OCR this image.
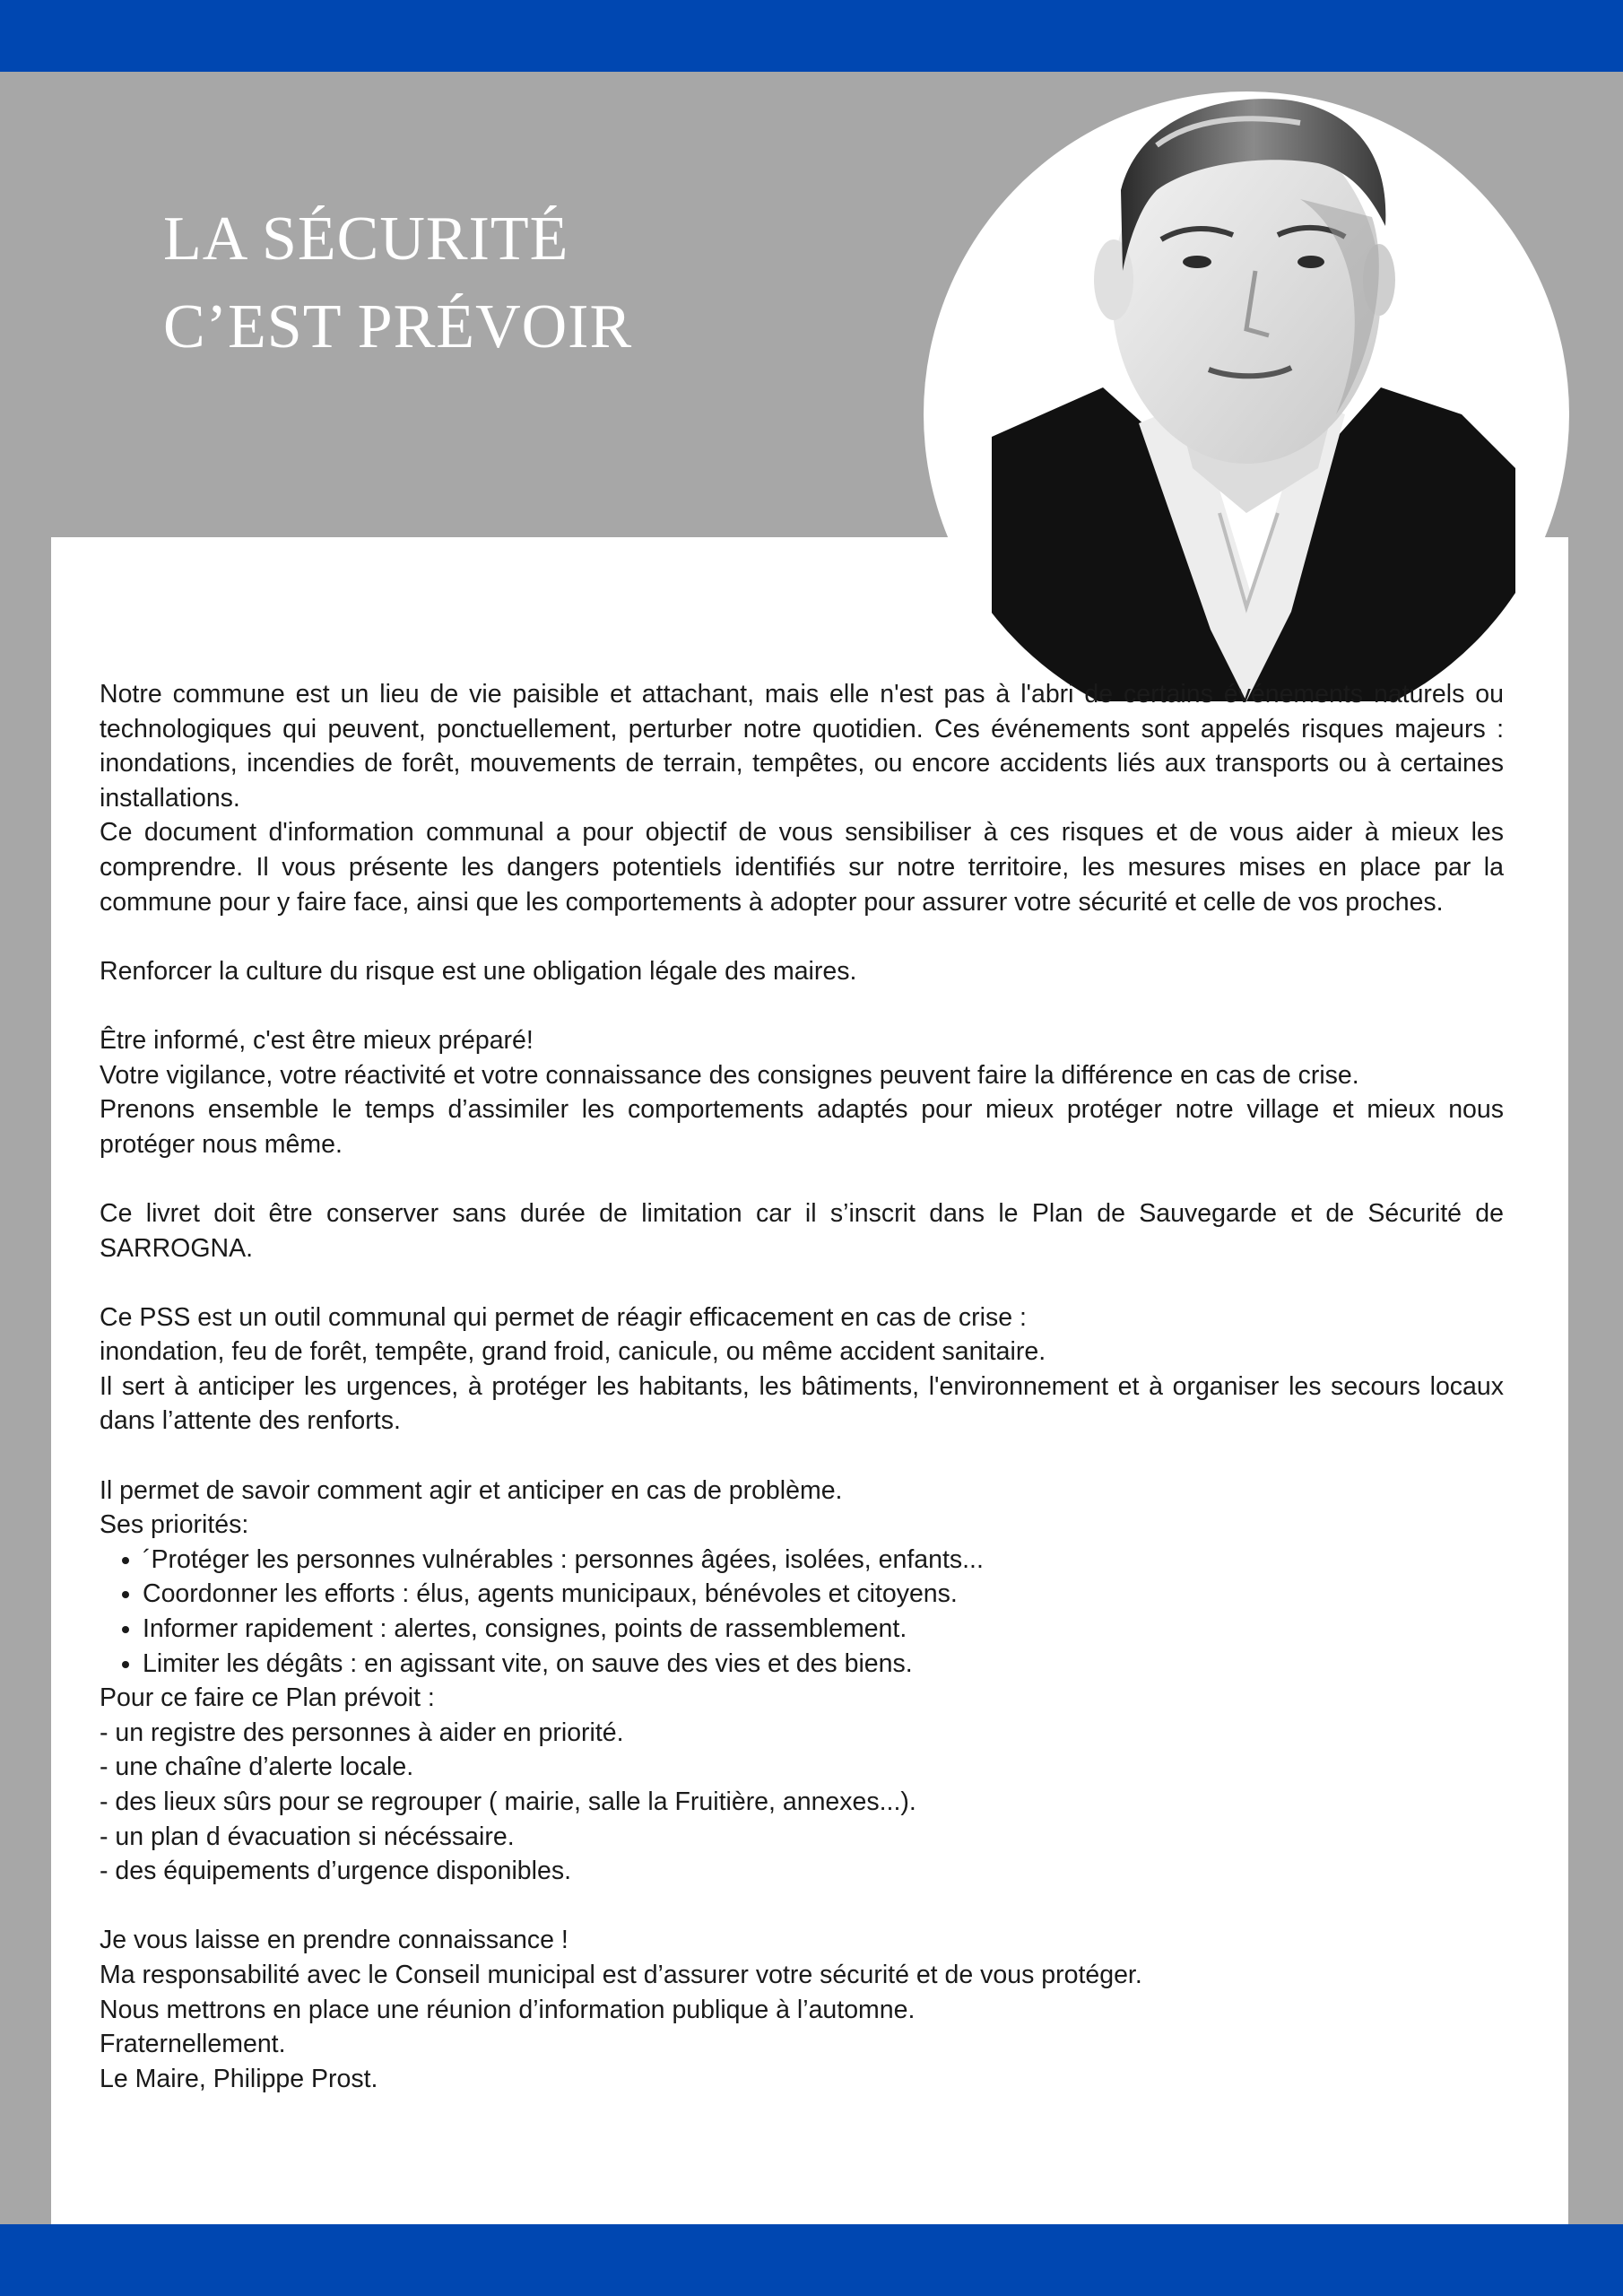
LA SÉCURITÉ
C’EST PRÉVOIR

Notre commune est un lieu de vie paisible et attachant, mais elle n'est pas à l'abri de certains événements naturels ou technologiques qui peuvent, ponctuellement, perturber notre quotidien. Ces événements sont appelés risques majeurs : inondations, incendies de forêt, mouvements de terrain, tempêtes, ou encore accidents liés aux transports ou à certaines installations.

Ce document d'information communal a pour objectif de vous sensibiliser à ces risques et de vous aider à mieux les comprendre. Il vous présente les dangers potentiels identifiés sur notre territoire, les mesures mises en place par la commune pour y faire face, ainsi que les comportements à adopter pour assurer votre sécurité et celle de vos proches.

Renforcer la culture du risque est une obligation légale des maires.

Être informé, c'est être mieux préparé!

Votre vigilance, votre réactivité et votre connaissance des consignes peuvent faire la différence en cas de crise.

Prenons ensemble le temps d’assimiler les comportements adaptés pour mieux protéger notre village et mieux nous protéger nous même.

Ce livret doit être conserver sans durée de limitation car il s’inscrit dans le Plan de Sauvegarde et de Sécurité de SARROGNA.

Ce PSS est un outil communal qui permet de réagir efficacement en cas de crise :

inondation, feu de forêt, tempête, grand froid, canicule, ou même accident sanitaire.

Il sert à anticiper les urgences, à protéger les habitants, les bâtiments, l'environnement et à organiser les secours locaux dans l’attente des renforts.

Il permet de savoir comment agir et anticiper en cas de problème.

Ses priorités:

• ´Protéger les personnes vulnérables : personnes âgées, isolées, enfants...
• Coordonner les efforts : élus, agents municipaux, bénévoles et citoyens.
• Informer rapidement : alertes, consignes, points de rassemblement.
• Limiter les dégâts : en agissant vite, on sauve des vies et des biens.

Pour ce faire ce Plan prévoit :

- un registre des personnes à aider en priorité.

- une chaîne d’alerte locale.

- des lieux sûrs pour se regrouper ( mairie, salle la Fruitière, annexes...).

- un plan d évacuation si nécéssaire.

- des équipements d’urgence disponibles.

Je vous laisse en prendre connaissance !

Ma responsabilité avec le Conseil municipal est d’assurer votre sécurité et de vous protéger.

Nous mettrons en place une réunion d’information publique à l’automne.

Fraternellement.

Le Maire, Philippe Prost.
